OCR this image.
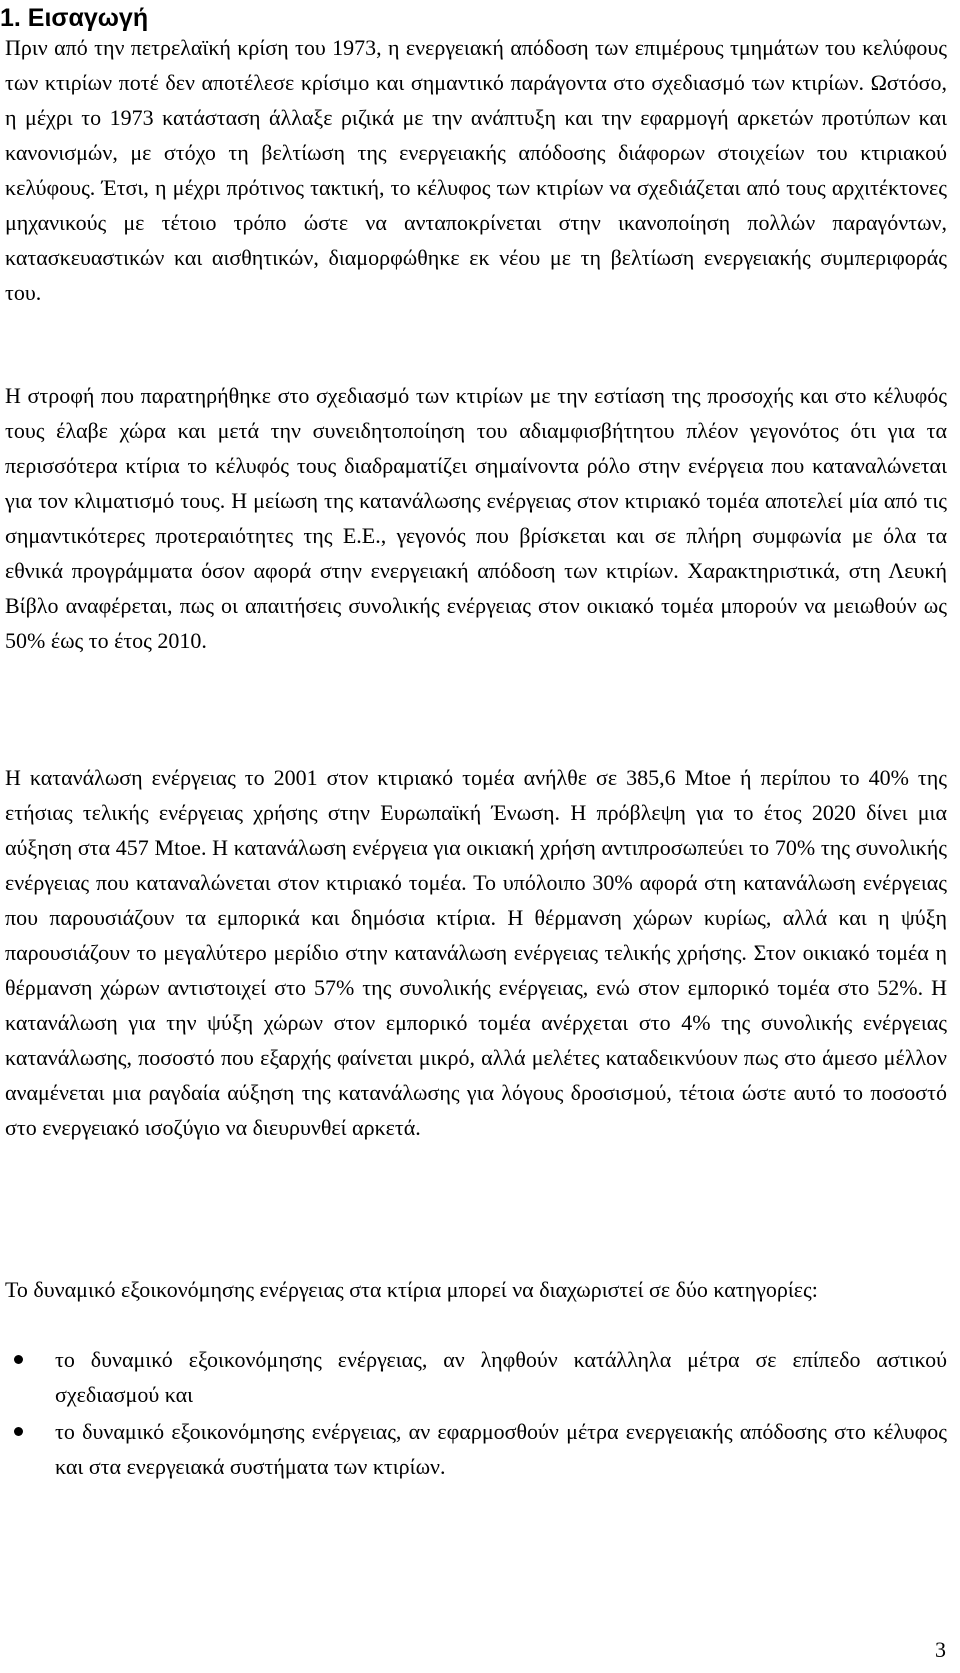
1. Εισαγωγή

Πριν από την πετρελαϊκή κρίση του 1973, η ενεργειακή απόδοση των επιμέρους τμημάτων του κελύφους των κτιρίων ποτέ δεν αποτέλεσε κρίσιμο και σημαντικό παράγοντα στο σχεδιασμό των κτιρίων. Ωστόσο, η μέχρι το 1973 κατάσταση άλλαξε ριζικά με την ανάπτυξη και την εφαρμογή αρκετών προτύπων και κανονισμών, με στόχο τη βελτίωση της ενεργειακής απόδοσης διάφορων στοιχείων του κτιριακού κελύφους. Έτσι, η μέχρι πρότινος τακτική, το κέλυφος των κτιρίων να σχεδιάζεται από τους αρχιτέκτονες μηχανικούς με τέτοιο τρόπο ώστε να ανταποκρίνεται στην ικανοποίηση πολλών παραγόντων, κατασκευαστικών και αισθητικών, διαμορφώθηκε εκ νέου με τη βελτίωση ενεργειακής συμπεριφοράς του.

Η στροφή που παρατηρήθηκε στο σχεδιασμό των κτιρίων με την εστίαση της προσοχής και στο κέλυφός τους έλαβε χώρα και μετά την συνειδητοποίηση του αδιαμφισβήτητου πλέον γεγονότος ότι για τα περισσότερα κτίρια το κέλυφός τους διαδραματίζει σημαίνοντα ρόλο στην ενέργεια που καταναλώνεται για τον κλιματισμό τους. Η μείωση της κατανάλωσης ενέργειας στον κτιριακό τομέα αποτελεί μία από τις σημαντικότερες προτεραιότητες της Ε.Ε., γεγονός που βρίσκεται και σε πλήρη συμφωνία με όλα τα εθνικά προγράμματα όσον αφορά στην ενεργειακή απόδοση των κτιρίων. Χαρακτηριστικά, στη Λευκή Βίβλο αναφέρεται, πως οι απαιτήσεις συνολικής ενέργειας στον οικιακό τομέα μπορούν να μειωθούν ως 50% έως το έτος 2010.

Η κατανάλωση ενέργειας το 2001 στον κτιριακό τομέα ανήλθε σε 385,6 Mtoe ή περίπου το 40% της ετήσιας τελικής ενέργειας χρήσης στην Ευρωπαϊκή Ένωση. Η πρόβλεψη για το έτος 2020 δίνει μια αύξηση στα 457 Mtoe. Η κατανάλωση ενέργεια για οικιακή χρήση αντιπροσωπεύει το 70% της συνολικής ενέργειας που καταναλώνεται στον κτιριακό τομέα. Το υπόλοιπο 30% αφορά στη κατανάλωση ενέργειας που παρουσιάζουν τα εμπορικά και δημόσια κτίρια. Η θέρμανση χώρων κυρίως, αλλά και η ψύξη παρουσιάζουν το μεγαλύτερο μερίδιο στην κατανάλωση ενέργειας τελικής χρήσης. Στον οικιακό τομέα η θέρμανση χώρων αντιστοιχεί στο 57% της συνολικής ενέργειας, ενώ στον εμπορικό τομέα στο 52%. Η κατανάλωση για την ψύξη χώρων στον εμπορικό τομέα ανέρχεται στο 4% της συνολικής ενέργειας κατανάλωσης, ποσοστό που εξαρχής φαίνεται μικρό, αλλά μελέτες καταδεικνύουν πως στο άμεσο μέλλον αναμένεται μια ραγδαία αύξηση της κατανάλωσης για λόγους δροσισμού, τέτοια ώστε αυτό το ποσοστό στο ενεργειακό ισοζύγιο να διευρυνθεί αρκετά.

Το δυναμικό εξοικονόμησης ενέργειας στα κτίρια μπορεί να διαχωριστεί σε δύο κατηγορίες:

το δυναμικό εξοικονόμησης ενέργειας, αν ληφθούν κατάλληλα μέτρα σε επίπεδο αστικού σχεδιασμού και
το δυναμικό εξοικονόμησης ενέργειας, αν εφαρμοσθούν μέτρα ενεργειακής απόδοσης στο κέλυφος και στα ενεργειακά συστήματα των κτιρίων.
3
